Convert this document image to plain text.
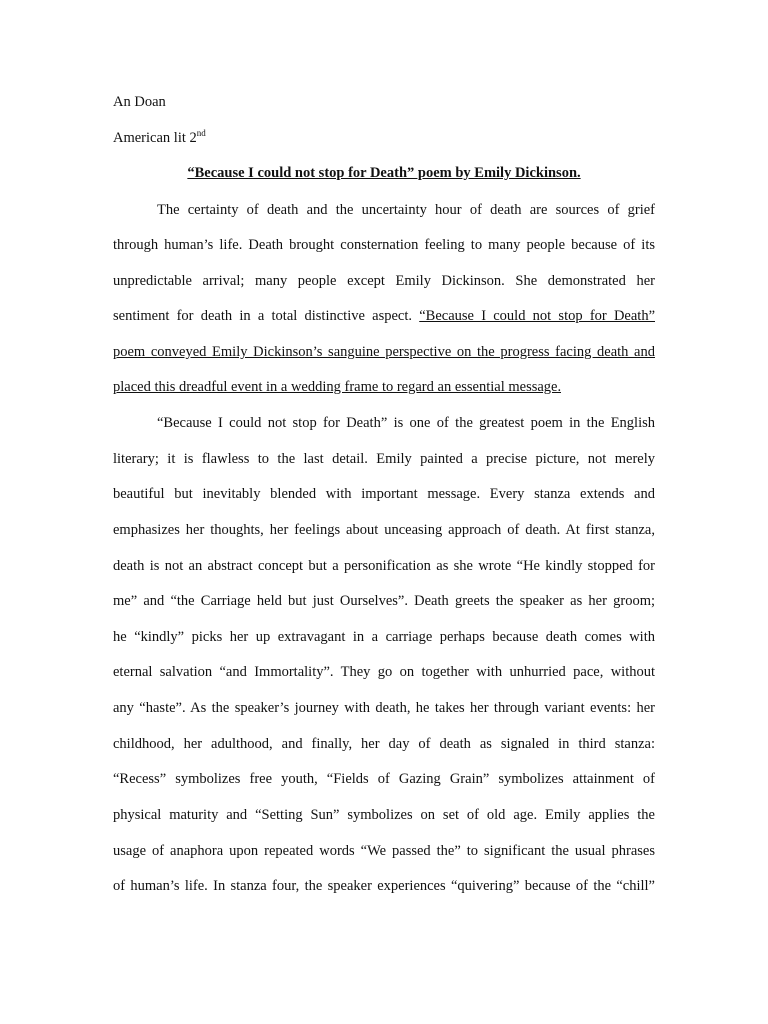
An Doan
American lit 2nd
“Because I could not stop for Death” poem by Emily Dickinson.
The certainty of death and the uncertainty hour of death are sources of grief
through human’s life. Death brought consternation feeling to many people because of its
unpredictable arrival; many people except Emily Dickinson. She demonstrated her
sentiment for death in a total distinctive aspect. “Because I could not stop for Death”
poem conveyed Emily Dickinson’s sanguine perspective on the progress facing death and
placed this dreadful event in a wedding frame to regard an essential message.
“Because I could not stop for Death” is one of the greatest poem in the English
literary; it is flawless to the last detail. Emily painted a precise picture, not merely
beautiful but inevitably blended with important message. Every stanza extends and
emphasizes her thoughts, her feelings about unceasing approach of death. At first stanza,
death is not an abstract concept but a personification as she wrote “He kindly stopped for
me” and “the Carriage held but just Ourselves”. Death greets the speaker as her groom;
he “kindly” picks her up extravagant in a carriage perhaps because death comes with
eternal salvation “and Immortality”. They go on together with unhurried pace, without
any “haste”. As the speaker’s journey with death, he takes her through variant events: her
childhood, her adulthood, and finally, her day of death as signaled in third stanza:
“Recess” symbolizes free youth, “Fields of Gazing Grain” symbolizes attainment of
physical maturity and “Setting Sun” symbolizes on set of old age. Emily applies the
usage of anaphora upon repeated words “We passed the” to significant the usual phrases
of human’s life. In stanza four, the speaker experiences “quivering” because of the “chill”
